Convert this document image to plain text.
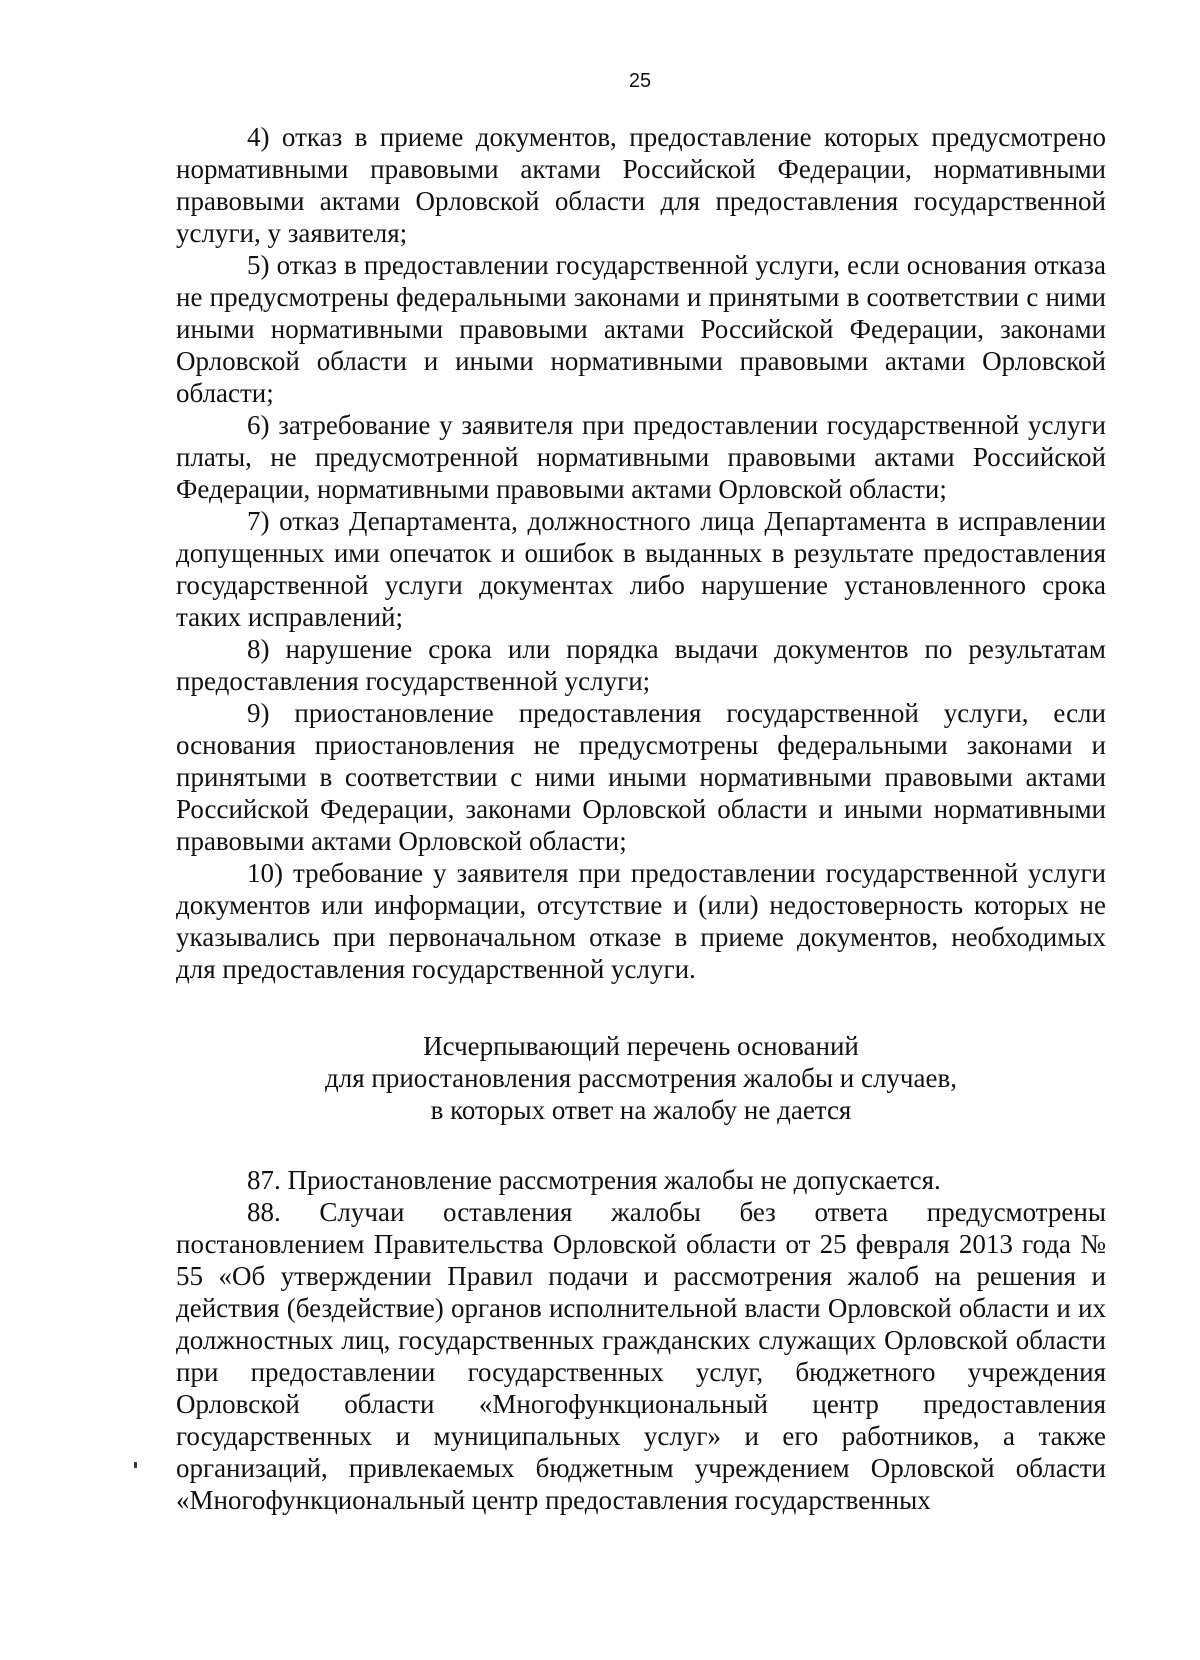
25

4) отказ в приеме документов, предоставление которых предусмотрено нормативными правовыми актами Российской Федерации, нормативными правовыми актами Орловской области для предоставления государственной услуги, у заявителя;

5) отказ в предоставлении государственной услуги, если основания отказа не предусмотрены федеральными законами и принятыми в соответствии с ними иными нормативными правовыми актами Российской Федерации, законами Орловской области и иными нормативными правовыми актами Орловской области;

6) затребование у заявителя при предоставлении государственной услуги платы, не предусмотренной нормативными правовыми актами Российской Федерации, нормативными правовыми актами Орловской области;

7) отказ Департамента, должностного лица Департамента в исправлении допущенных ими опечаток и ошибок в выданных в результате предоставления государственной услуги документах либо нарушение установленного срока таких исправлений;

8) нарушение срока или порядка выдачи документов по результатам предоставления государственной услуги;

9) приостановление предоставления государственной услуги, если основания приостановления не предусмотрены федеральными законами и принятыми в соответствии с ними иными нормативными правовыми актами Российской Федерации, законами Орловской области и иными нормативными правовыми актами Орловской области;

10) требование у заявителя при предоставлении государственной услуги документов или информации, отсутствие и (или) недостоверность которых не указывались при первоначальном отказе в приеме документов, необходимых для предоставления государственной услуги.

Исчерпывающий перечень оснований
для приостановления рассмотрения жалобы и случаев,
в которых ответ на жалобу не дается

87. Приостановление рассмотрения жалобы не допускается.

88. Случаи оставления жалобы без ответа предусмотрены постановлением Правительства Орловской области от 25 февраля 2013 года № 55 «Об утверждении Правил подачи и рассмотрения жалоб на решения и действия (бездействие) органов исполнительной власти Орловской области и их должностных лиц, государственных гражданских служащих Орловской области при предоставлении государственных услуг, бюджетного учреждения Орловской области «Многофункциональный центр предоставления государственных и муниципальных услуг» и его работников, а также организаций, привлекаемых бюджетным учреждением Орловской области «Многофункциональный центр предоставления государственных
